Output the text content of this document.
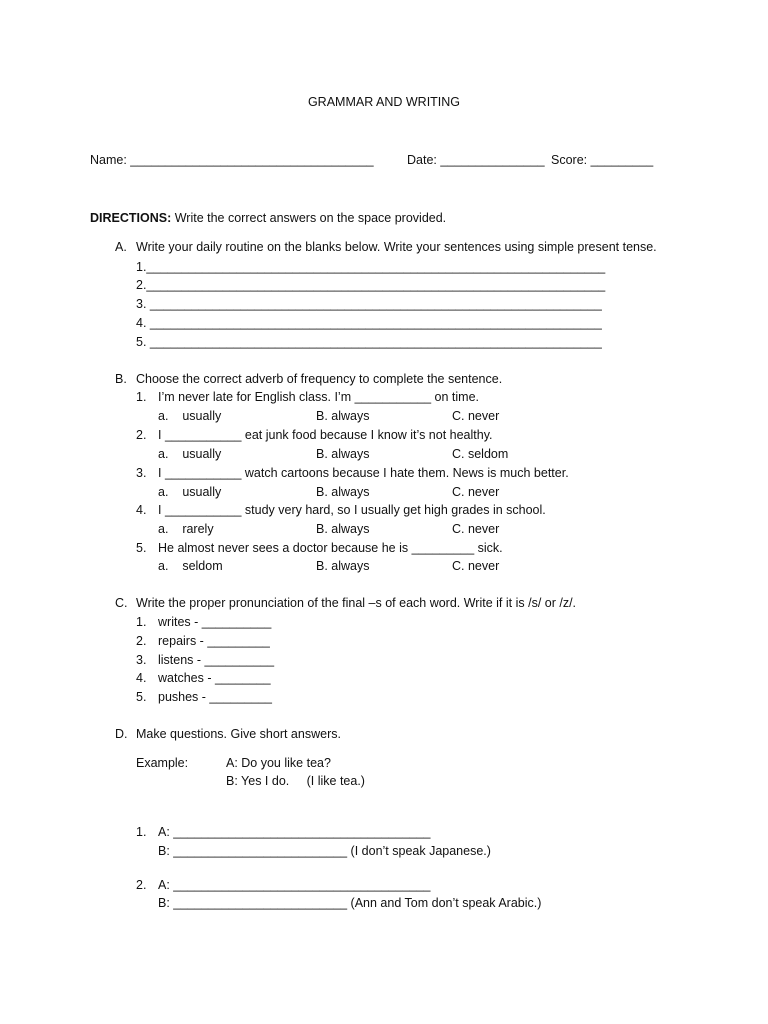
GRAMMAR AND WRITING
Name: ___________________________________	Date: _______________ Score: _________
DIRECTIONS: Write the correct answers on the space provided.
A. Write your daily routine on the blanks below. Write your sentences using simple present tense.
1.__________________________________________________________________
2.__________________________________________________________________
3. _________________________________________________________________
4. _________________________________________________________________
5. _________________________________________________________________
B. Choose the correct adverb of frequency to complete the sentence.
1. I’m never late for English class. I’m ___________ on time.
a.    usually	B. always	C. never
2. I ___________ eat junk food because I know it’s not healthy.
a.    usually	B. always	C. seldom
3. I ___________ watch cartoons because I hate them. News is much better.
a.    usually	B. always	C. never
4. I ___________ study very hard, so I usually get high grades in school.
a.    rarely	B. always	C. never
5. He almost never sees a doctor because he is _________ sick.
a.    seldom	B. always	C. never
C. Write the proper pronunciation of the final –s of each word. Write if it is /s/ or /z/.
1. writes - __________
2. repairs - _________
3. listens - __________
4. watches - ________
5. pushes - _________
D. Make questions. Give short answers.
Example:	A: Do you like tea?
B: Yes I do.     (I like tea.)
1. A: _____________________________________
B: _________________________ (I don’t speak Japanese.)
2. A: _____________________________________
B: _________________________ (Ann and Tom don’t speak Arabic.)
